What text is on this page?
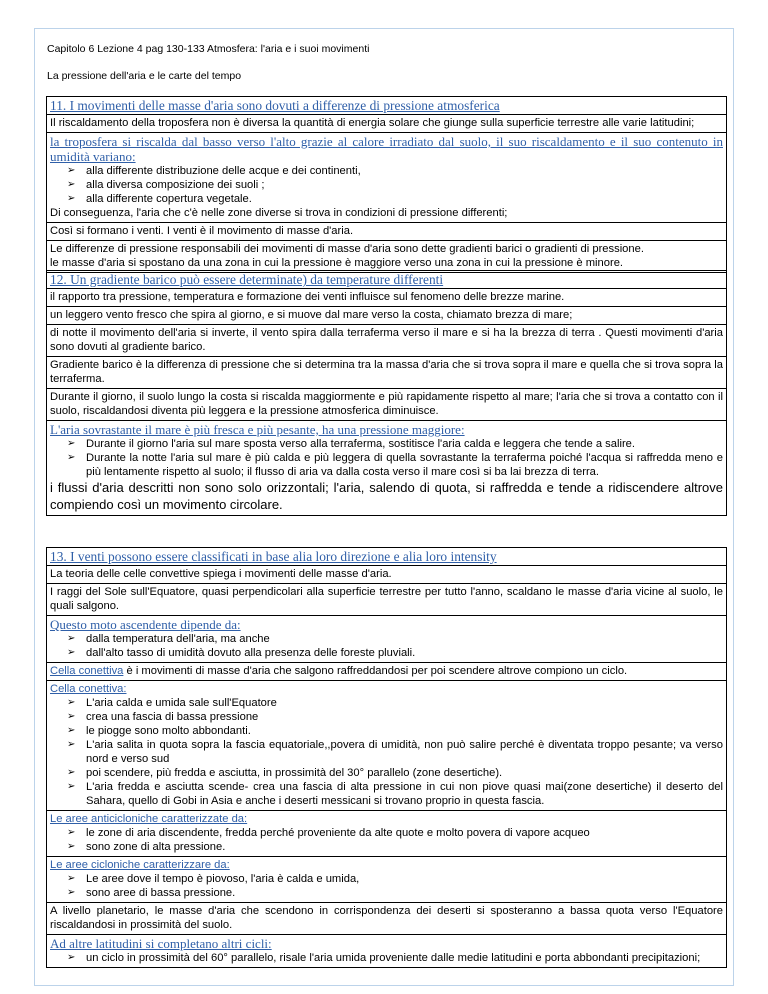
Capitolo 6 Lezione 4 pag 130-133 Atmosfera: l'aria e i suoi movimenti
La pressione dell'aria e le carte del tempo
11. I movimenti delle masse d'aria sono dovuti a differenze di pressione atmosferica
Il riscaldamento della troposfera non è diversa la quantità di energia solare che giunge sulla superficie terrestre alle varie latitudini;
la troposfera si riscalda dal basso verso l'alto grazie al calore irradiato dal suolo, il suo riscaldamento e il suo contenuto in umidità variano:
➢ alla differente distribuzione delle acque e dei continenti,
➢ alla diversa composizione dei suoli ;
➢ alla differente copertura vegetale.
Di conseguenza, l'aria che c'è nelle zone diverse si trova in condizioni di pressione differenti;
Così si formano i venti. I venti è il movimento di masse d'aria.
Le differenze di pressione responsabili dei movimenti di masse d'aria sono dette gradienti barici o gradienti di pressione.
le masse d'aria si spostano da una zona in cui la pressione è maggiore verso una zona in cui la pressione è minore.
12. Un gradiente barico può essere determinate) da temperature differenti
il rapporto tra pressione, temperatura e formazione dei venti influisce sul fenomeno delle brezze marine.
un leggero vento fresco che spira al giorno, e si muove dal mare verso la costa, chiamato brezza di mare;
di notte il movimento dell'aria si inverte, il vento spira dalla terraferma verso il mare e si ha la brezza di terra . Questi movimenti d'aria sono dovuti al gradiente barico.
Gradiente barico è la differenza di pressione che si determina tra la massa d'aria che si trova sopra il mare e quella che si trova sopra la terraferma.
Durante il giorno, il suolo lungo la costa si riscalda maggiormente e più rapidamente rispetto al mare; l'aria che si trova a contatto con il suolo, riscaldandosi diventa più leggera e la pressione atmosferica diminuisce.
L'aria sovrastante il mare è più fresca e più pesante, ha una pressione maggiore:
➢ Durante il giorno l'aria sul mare sposta verso alla terraferma, sostitisce l'aria calda e leggera che tende a salire.
➢ Durante la notte l'aria sul mare è più calda e più leggera di quella sovrastante la terraferma poiché l'acqua si raffredda meno e più lentamente rispetto al suolo; il flusso di aria va dalla costa verso il mare così si ba lai brezza di terra.
i flussi d'aria descritti non sono solo orizzontali; l'aria, salendo di quota, si raffredda e tende a ridiscendere altrove compiendo così un movimento circolare.
13. I venti possono essere classificati in base alia loro direzione e alia loro intensity
La teoria delle celle convettive spiega i movimenti delle masse d'aria.
I raggi del Sole sull'Equatore, quasi perpendicolari alla superficie terrestre per tutto l'anno, scaldano le masse d'aria vicine al suolo, le quali salgono.
Questo moto ascendente dipende da:
➢ dalla temperatura dell'aria, ma anche
➢ dall'alto tasso di umidità dovuto alla presenza delle foreste pluviali.
Cella conettiva è i movimenti di masse d'aria che salgono raffreddandosi per poi scendere altrove compiono un ciclo.
Cella conettiva:
➢ L'aria calda e umida sale sull'Equatore
➢ crea una fascia di bassa pressione
➢ le piogge sono molto abbondanti.
➢ L'aria salita in quota sopra la fascia equatoriale,,povera di umidità, non può salire perché è diventata troppo pesante; va verso nord e verso sud
➢ poi scendere, più fredda e asciutta, in prossimità del 30° parallelo (zone desertiche).
➢ L'aria fredda e asciutta scende- crea una fascia di alta pressione in cui non piove quasi mai(zone desertiche) il deserto del Sahara, quello di Gobi in Asia e anche i deserti messicani si trovano proprio in questa fascia.
Le aree anticicloniche caratterizzate da:
➢ le zone di aria discendente, fredda perché proveniente da alte quote e molto povera di vapore acqueo
➢ sono zone di alta pressione.
Le aree cicloniche caratterizzare da:
➢ Le aree dove il tempo è piovoso, l'aria è calda e umida,
➢ sono aree di bassa pressione.
A livello planetario, le masse d'aria che scendono in corrispondenza dei deserti si sposteranno a bassa quota verso l'Equatore riscaldandosi in prossimità del suolo.
Ad altre latitudini si completano altri cicli:
➢ un ciclo in prossimità del 60° parallelo, risale l'aria umida proveniente dalle medie latitudini e porta abbondanti precipitazioni;
